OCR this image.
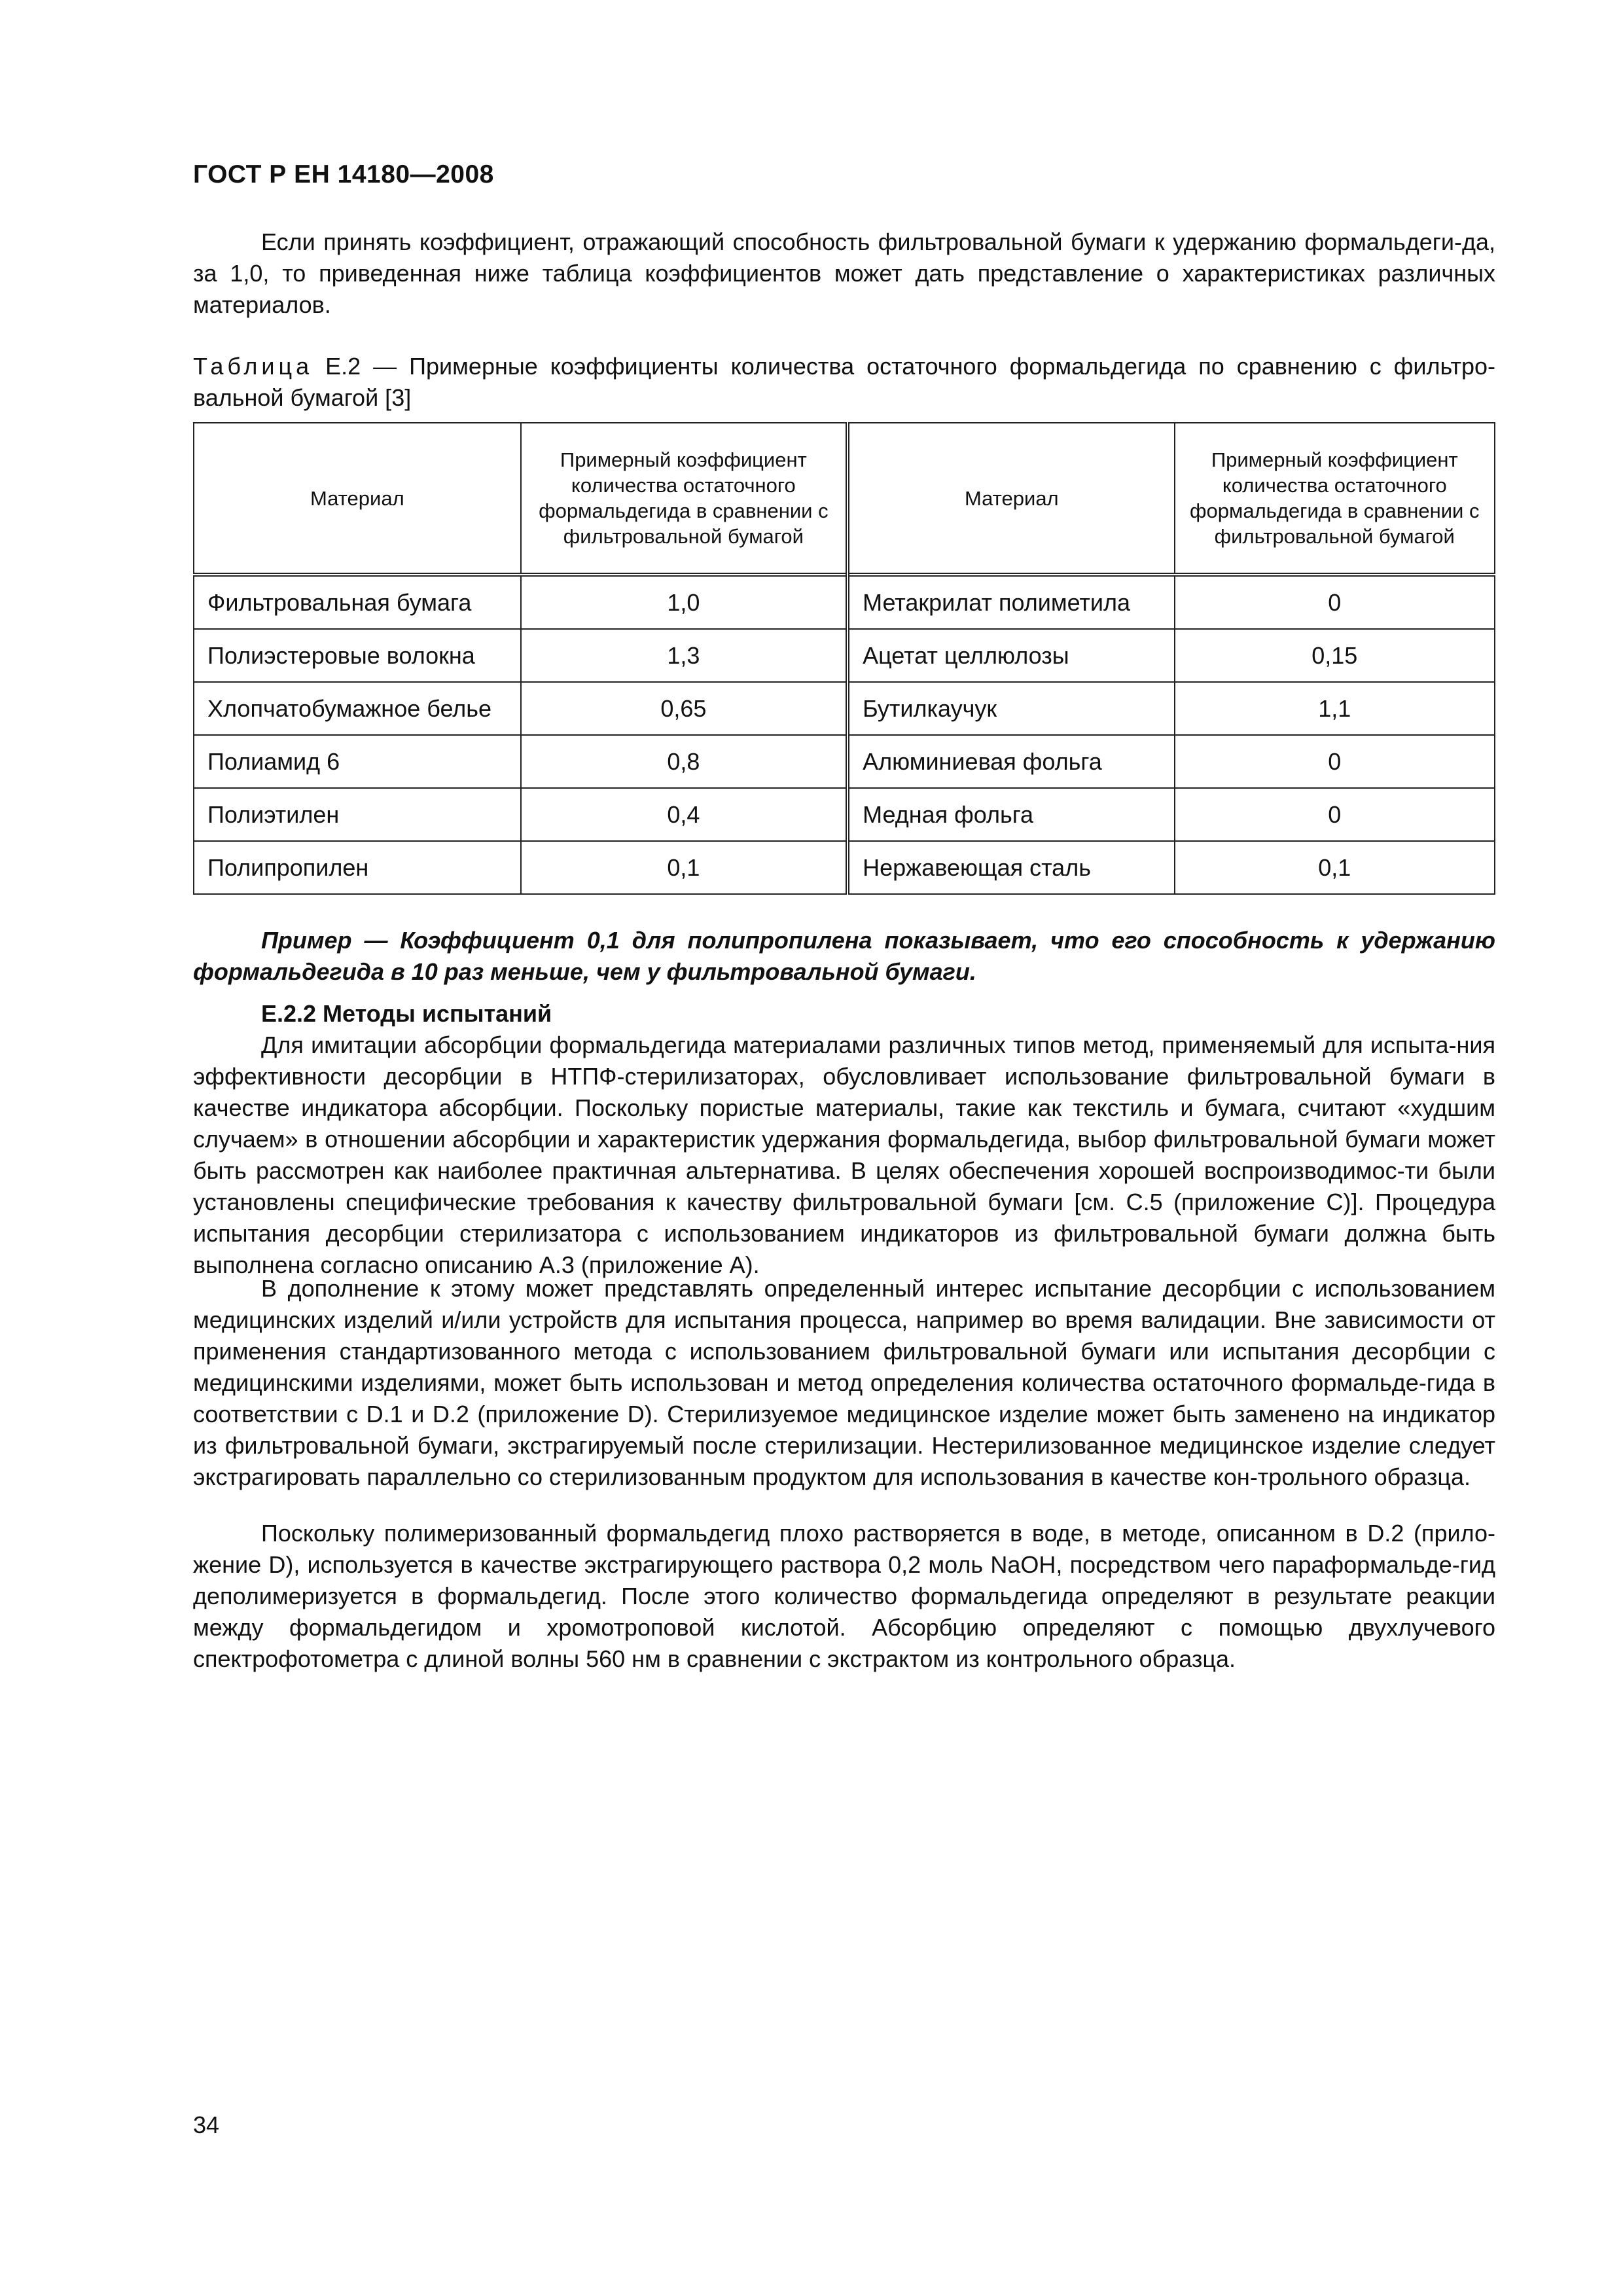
ГОСТ Р ЕН 14180—2008

Если принять коэффициент, отражающий способность фильтровальной бумаги к удержанию формальдеги-да, за 1,0, то приведенная ниже таблица коэффициентов может дать представление о характеристиках различных материалов.

Таблица Е.2 — Примерные коэффициенты количества остаточного формальдегида по сравнению с фильтро-вальной бумагой [3]

Материал	Примерный коэффициент количества остаточного формальдегида в сравнении с фильтровальной бумагой	Материал	Примерный коэффициент количества остаточного формальдегида в сравнении с фильтровальной бумагой
Фильтровальная бумага	1,0	Метакрилат полиметила	0
Полиэстеровые волокна	1,3	Ацетат целлюлозы	0,15
Хлопчатобумажное белье	0,65	Бутилкаучук	1,1
Полиамид 6	0,8	Алюминиевая фольга	0
Полиэтилен	0,4	Медная фольга	0
Полипропилен	0,1	Нержавеющая сталь	0,1

Пример — Коэффициент 0,1 для полипропилена показывает, что его способность к удержанию формальдегида в 10 раз меньше, чем у фильтровальной бумаги.

Е.2.2 Методы испытаний

Для имитации абсорбции формальдегида материалами различных типов метод, применяемый для испыта-ния эффективности десорбции в НТПФ-стерилизаторах, обусловливает использование фильтровальной бумаги в качестве индикатора абсорбции. Поскольку пористые материалы, такие как текстиль и бумага, считают «худшим случаем» в отношении абсорбции и характеристик удержания формальдегида, выбор фильтровальной бумаги может быть рассмотрен как наиболее практичная альтернатива. В целях обеспечения хорошей воспроизводимос-ти были установлены специфические требования к качеству фильтровальной бумаги [см. С.5 (приложение С)]. Процедура испытания десорбции стерилизатора с использованием индикаторов из фильтровальной бумаги должна быть выполнена согласно описанию А.3 (приложение А).

В дополнение к этому может представлять определенный интерес испытание десорбции с использованием медицинских изделий и/или устройств для испытания процесса, например во время валидации. Вне зависимости от применения стандартизованного метода с использованием фильтровальной бумаги или испытания десорбции с медицинскими изделиями, может быть использован и метод определения количества остаточного формальде-гида в соответствии с D.1 и D.2 (приложение D). Стерилизуемое медицинское изделие может быть заменено на индикатор из фильтровальной бумаги, экстрагируемый после стерилизации. Нестерилизованное медицинское изделие следует экстрагировать параллельно со стерилизованным продуктом для использования в качестве кон-трольного образца.

Поскольку полимеризованный формальдегид плохо растворяется в воде, в методе, описанном в D.2 (прило-жение D), используется в качестве экстрагирующего раствора 0,2 моль NaOH, посредством чего параформальде-гид деполимеризуется в формальдегид. После этого количество формальдегида определяют в результате реакции между формальдегидом и хромотроповой кислотой. Абсорбцию определяют с помощью двухлучевого спектрофотометра с длиной волны 560 нм в сравнении с экстрактом из контрольного образца.

34
